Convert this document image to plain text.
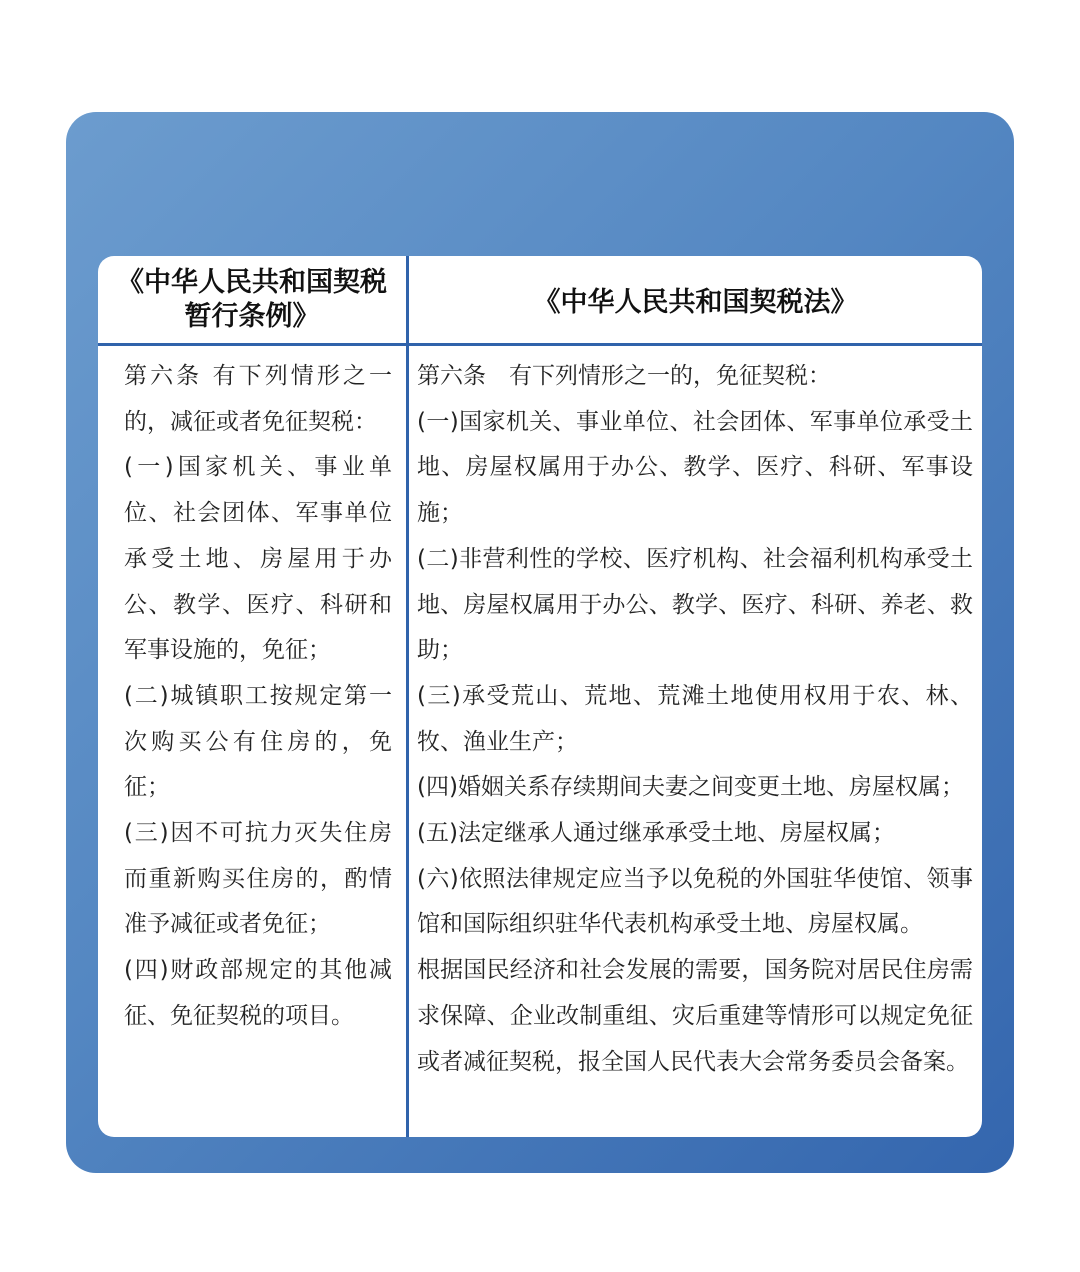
《中华人民共和国契税暂行条例》	《中华人民共和国契税法》

第六条 有下列情形之一的，减征或者免征契税：

(一)国家机关、事业单位、社会团体、军事单位承受土地、房屋用于办公、教学、医疗、科研和军事设施的，免征；

(二)城镇职工按规定第一次购买公有住房的，免征；

(三)因不可抗力灭失住房而重新购买住房的，酌情准予减征或者免征；

(四)财政部规定的其他减征、免征契税的项目。

第六条　有下列情形之一的，免征契税：

(一)国家机关、事业单位、社会团体、军事单位承受土地、房屋权属用于办公、教学、医疗、科研、军事设施；

(二)非营利性的学校、医疗机构、社会福利机构承受土地、房屋权属用于办公、教学、医疗、科研、养老、救助；

(三)承受荒山、荒地、荒滩土地使用权用于农、林、牧、渔业生产；

(四)婚姻关系存续期间夫妻之间变更土地、房屋权属；

(五)法定继承人通过继承承受土地、房屋权属；

(六)依照法律规定应当予以免税的外国驻华使馆、领事馆和国际组织驻华代表机构承受土地、房屋权属。

根据国民经济和社会发展的需要，国务院对居民住房需求保障、企业改制重组、灾后重建等情形可以规定免征或者减征契税，报全国人民代表大会常务委员会备案。
